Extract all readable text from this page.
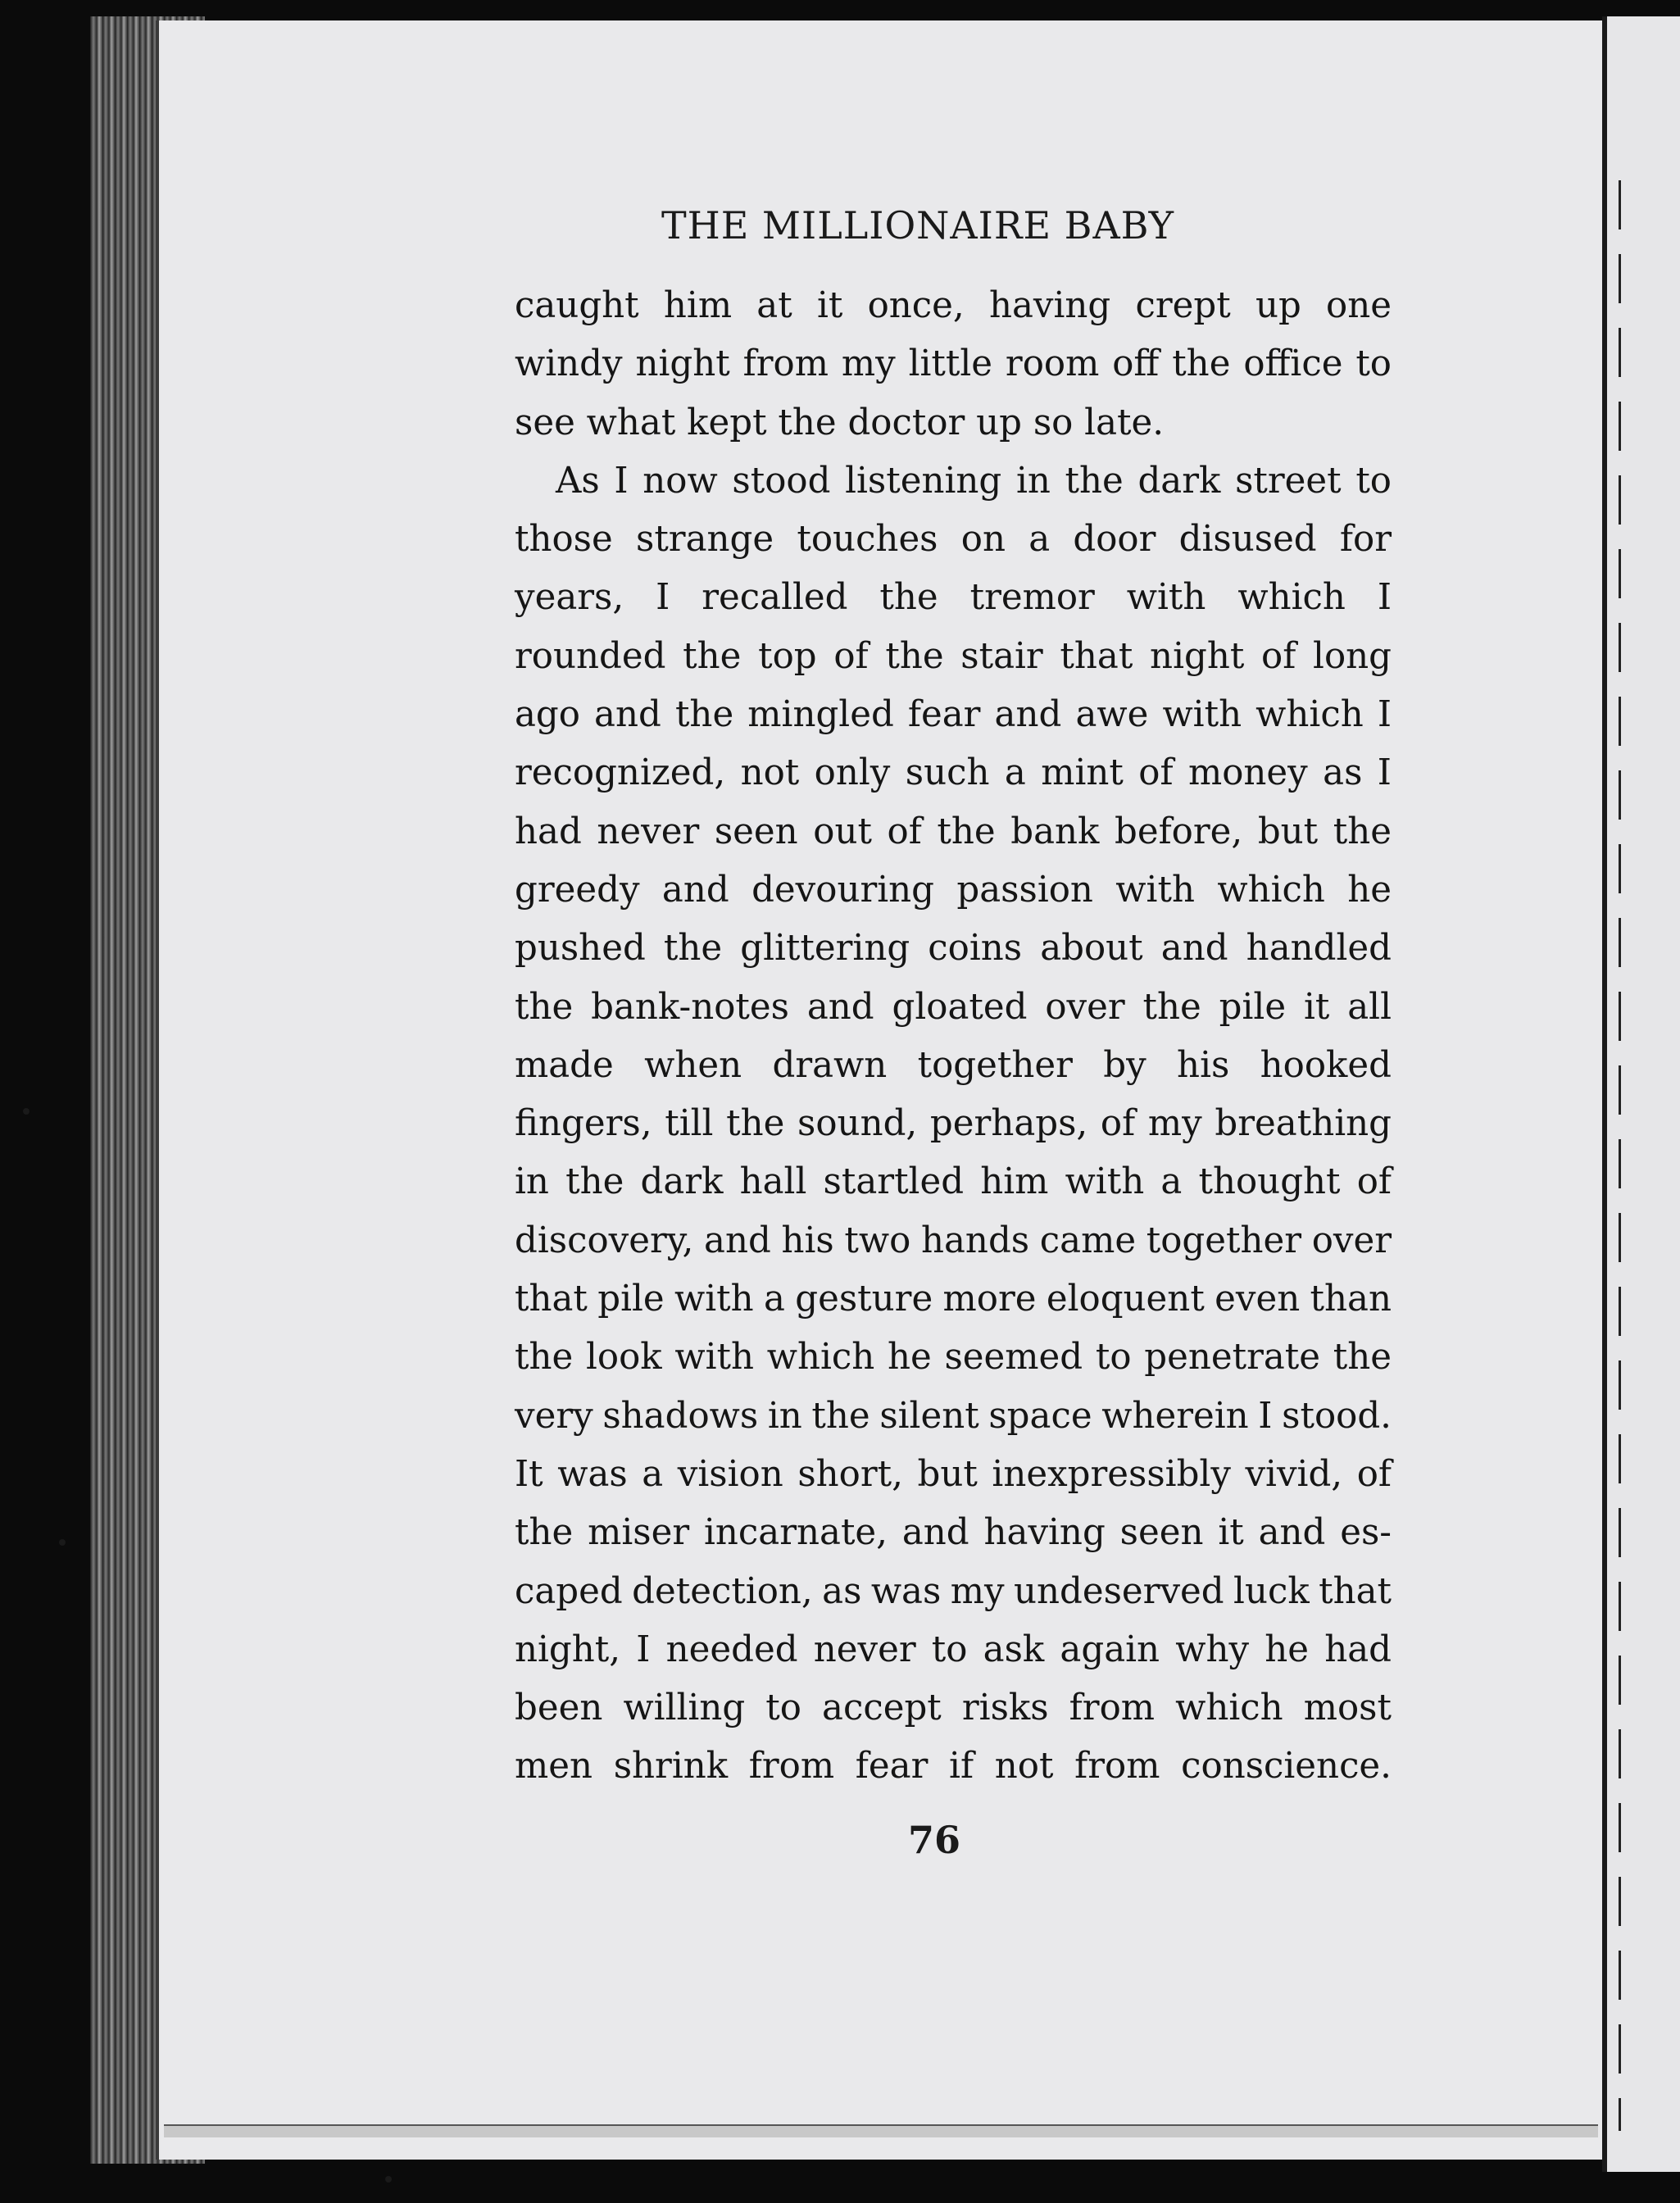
THE MILLIONAIRE BABY
caught him at it once, having crept up one
windy night from my little room off the office to
see what kept the doctor up so late.
As I now stood listening in the dark street to
those strange touches on a door disused for
years, I recalled the tremor with which I
rounded the top of the stair that night of long
ago and the mingled fear and awe with which I
recognized, not only such a mint of money as I
had never seen out of the bank before, but the
greedy and devouring passion with which he
pushed the glittering coins about and handled
the bank-notes and gloated over the pile it all
made when drawn together by his hooked
fingers, till the sound, perhaps, of my breathing
in the dark hall startled him with a thought of
discovery, and his two hands came together over
that pile with a gesture more eloquent even than
the look with which he seemed to penetrate the
very shadows in the silent space wherein I stood.
It was a vision short, but inexpressibly vivid, of
the miser incarnate, and having seen it and es-
caped detection, as was my undeserved luck that
night, I needed never to ask again why he had
been willing to accept risks from which most
men shrink from fear if not from conscience.
76
